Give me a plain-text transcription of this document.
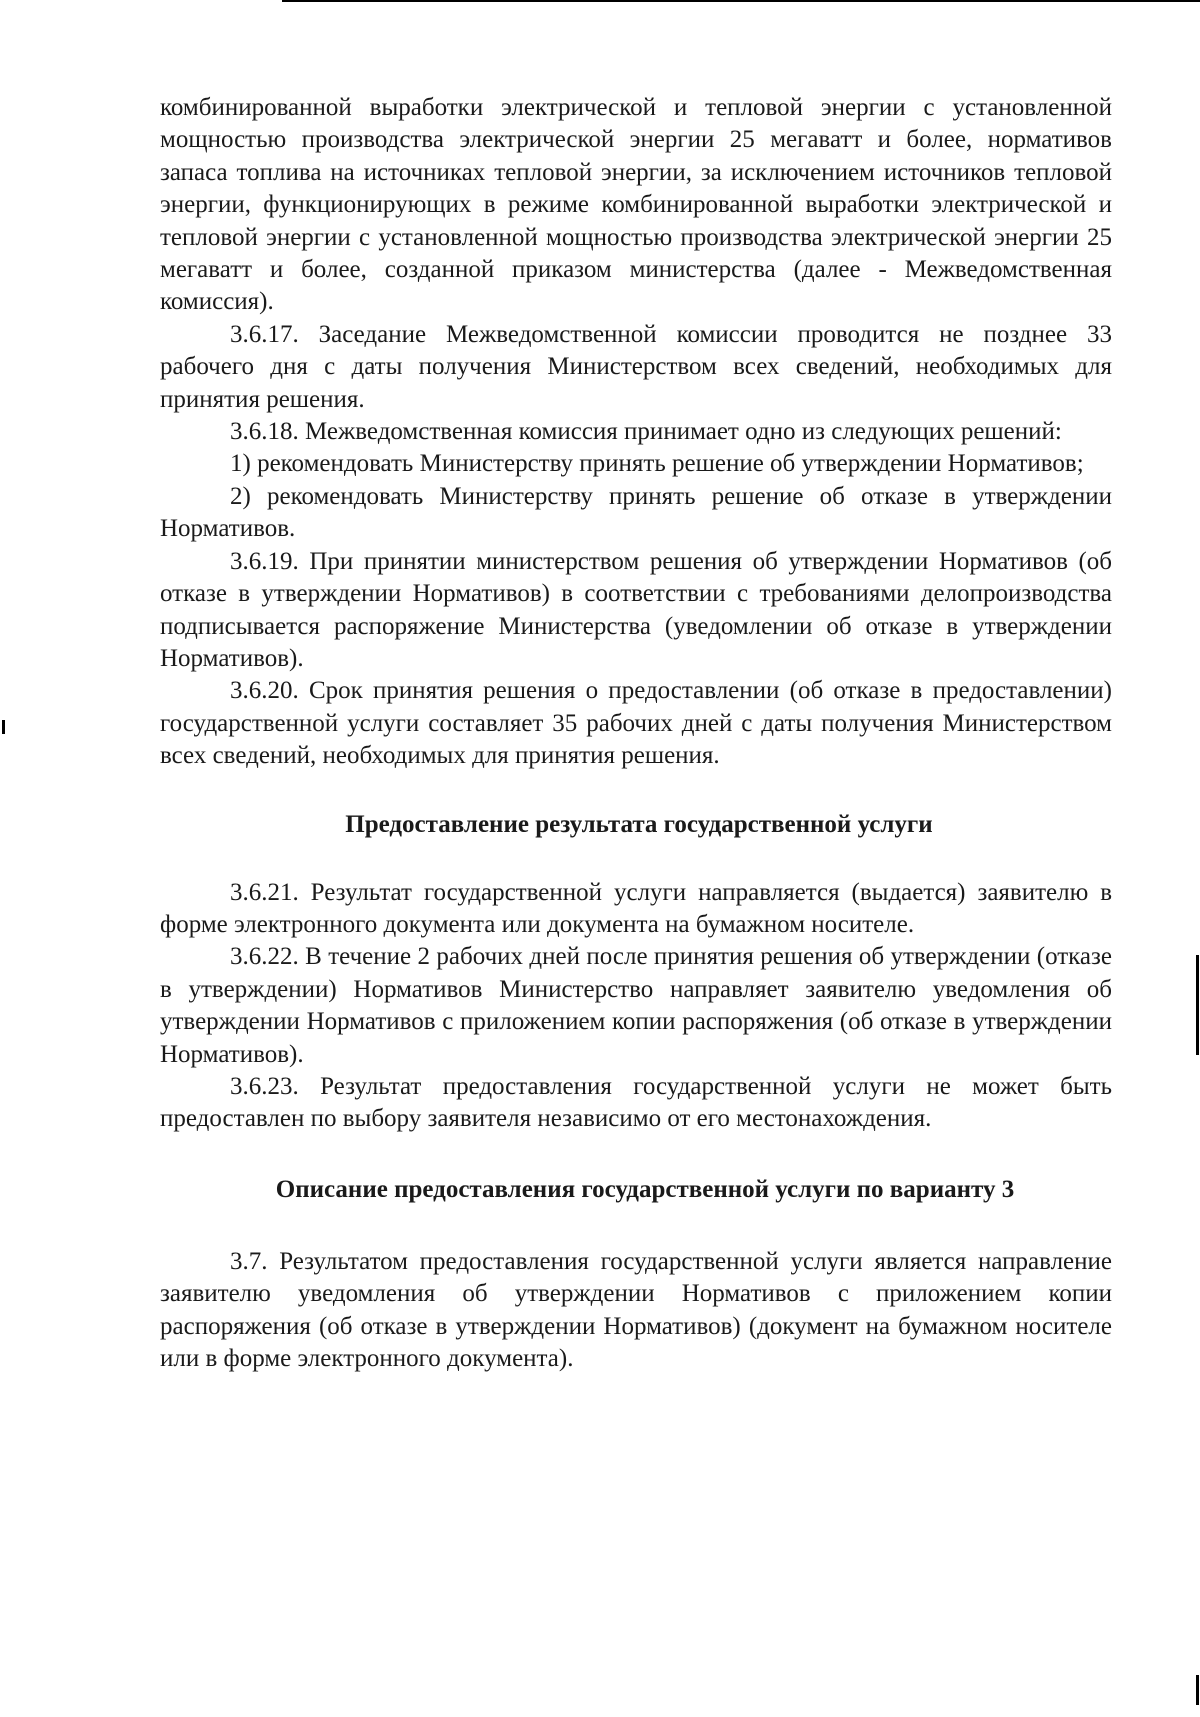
комбинированной выработки электрической и тепловой энергии с установленной мощностью производства электрической энергии 25 мегаватт и более, нормативов запаса топлива на источниках тепловой энергии, за исключением источников тепловой энергии, функционирующих в режиме комбинированной выработки электрической и тепловой энергии с установленной мощностью производства электрической энергии 25 мегаватт и более, созданной приказом министерства (далее - Межведомственная комиссия).

3.6.17. Заседание Межведомственной комиссии проводится не позднее 33 рабочего дня с даты получения Министерством всех сведений, необходимых для принятия решения.

3.6.18. Межведомственная комиссия принимает одно из следующих решений:

1) рекомендовать Министерству принять решение об утверждении Нормативов;

2) рекомендовать Министерству принять решение об отказе в утверждении Нормативов.

3.6.19. При принятии министерством решения об утверждении Нормативов (об отказе в утверждении Нормативов) в соответствии с требованиями делопроизводства подписывается распоряжение Министерства (уведомлении об отказе в утверждении Нормативов).

3.6.20. Срок принятия решения о предоставлении (об отказе в предоставлении) государственной услуги составляет 35 рабочих дней с даты получения Министерством всех сведений, необходимых для принятия решения.

Предоставление результата государственной услуги

3.6.21. Результат государственной услуги направляется (выдается) заявителю в форме электронного документа или документа на бумажном носителе.

3.6.22. В течение 2 рабочих дней после принятия решения об утверждении (отказе в утверждении) Нормативов Министерство направляет заявителю уведомления об утверждении Нормативов с приложением копии распоряжения (об отказе в утверждении Нормативов).

3.6.23. Результат предоставления государственной услуги не может быть предоставлен по выбору заявителя независимо от его местонахождения.

Описание предоставления государственной услуги по варианту 3

3.7. Результатом предоставления государственной услуги является направление заявителю уведомления об утверждении Нормативов с приложением копии распоряжения (об отказе в утверждении Нормативов) (документ на бумажном носителе или в форме электронного документа).
